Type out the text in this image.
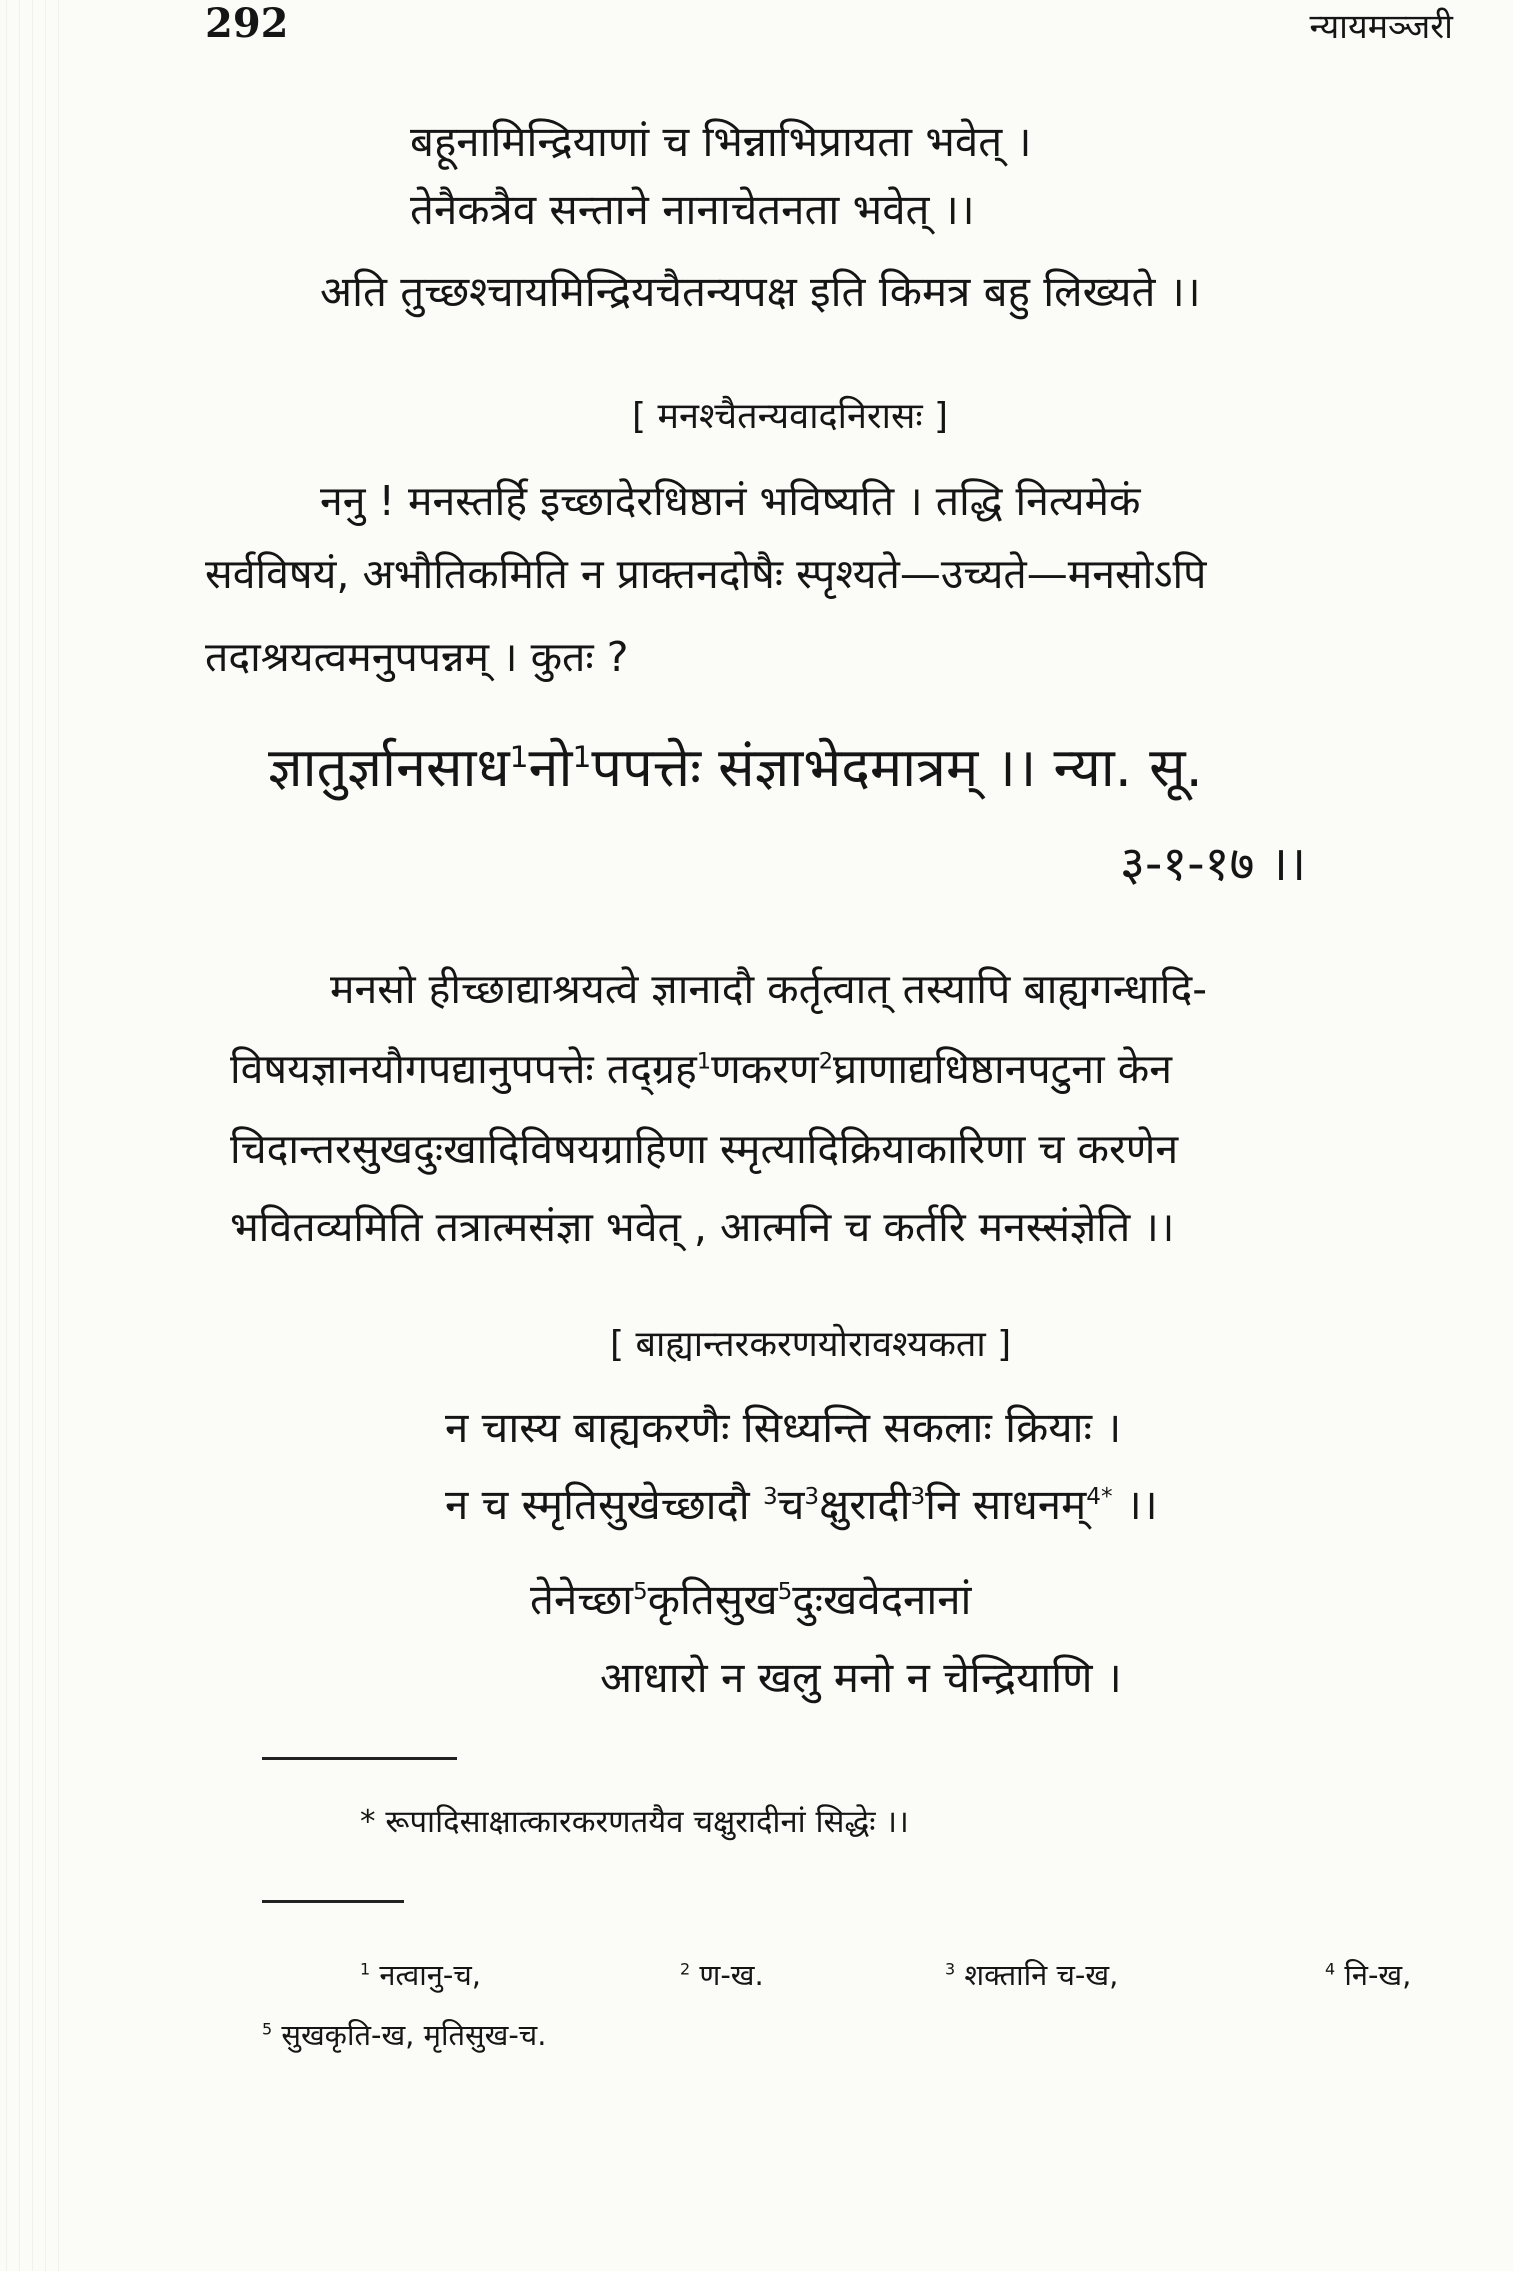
292	न्यायमञ्जरी
बहूनामिन्द्रियाणां च भिन्नाभिप्रायता भवेत् ।
तेनैकत्रैव सन्ताने नानाचेतनता भवेत् ।।
अति तुच्छश्चायमिन्द्रियचैतन्यपक्ष इति किमत्र बहु लिख्यते ।।
[ मनश्चैतन्यवादनिरासः ]
ननु ! मनस्तर्हि इच्छादेरधिष्ठानं भविष्यति । तद्धि नित्यमेकं
सर्वविषयं, अभौतिकमिति न प्राक्तनदोषैः स्पृश्यते—उच्यते—मनसोऽपि
तदाश्रयत्वमनुपपन्नम् । कुतः ?
ज्ञातुर्ज्ञानसाध$^1$नो$^1$पपत्तेः संज्ञाभेदमात्रम् ।। न्या. सू.
३-१-१७ ।।
मनसो हीच्छाद्याश्रयत्वे ज्ञानादौ कर्तृत्वात् तस्यापि बाह्यगन्धादि-
विषयज्ञानयौगपद्यानुपपत्तेः तद्ग्रह$^1$णकरण$^2$घ्राणाद्यधिष्ठानपटुना केन
चिदान्तरसुखदुःखादिविषयग्राहिणा स्मृत्यादिक्रियाकारिणा च करणेन
भवितव्यमिति तत्रात्मसंज्ञा भवेत् , आत्मनि च कर्तरि मनस्संज्ञेति ।।
[ बाह्यान्तरकरणयोरावश्यकता ]
न चास्य बाह्यकरणैः सिध्यन्ति सकलाः क्रियाः ।
न च स्मृतिसुखेच्छादौ $^3$च$^3$क्षुरादी$^3$नि साधनम्$^{4*}$ ।।
तेनेच्छा$^5$कृतिसुख$^5$दुःखवेदनानां
आधारो न खलु मनो न चेन्द्रियाणि ।
* रूपादिसाक्षात्कारकरणतयैव चक्षुरादीनां सिद्धेः ।।
$^1$ नत्वानु-च,	$^2$ ण-ख.	$^3$ शक्तानि च-ख,	$^4$ नि-ख,
$^5$ सुखकृति-ख, मृतिसुख-च.
